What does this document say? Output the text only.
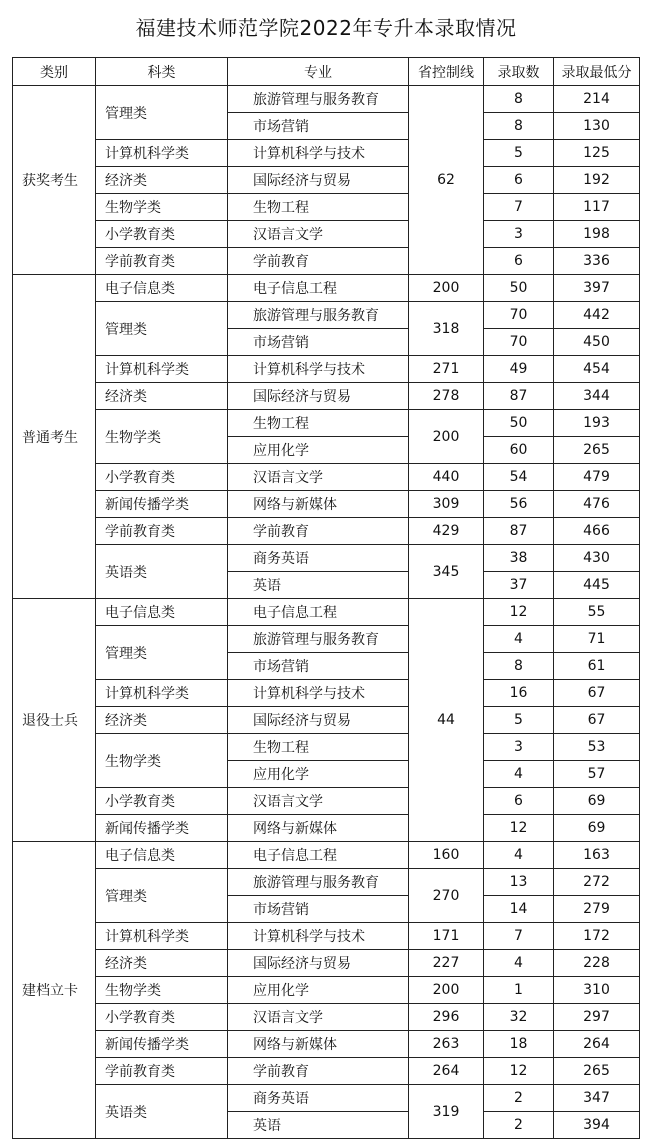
福建技术师范学院2022年专升本录取情况
类别	科类	专业	省控制线	录取数	录取最低分
获奖考生	管理类	旅游管理与服务教育	62	8	214
		市场营销		8	130
	计算机科学类	计算机科学与技术		5	125
	经济类	国际经济与贸易		6	192
	生物学类	生物工程		7	117
	小学教育类	汉语言文学		3	198
	学前教育类	学前教育		6	336
普通考生	电子信息类	电子信息工程	200	50	397
	管理类	旅游管理与服务教育	318	70	442
		市场营销		70	450
	计算机科学类	计算机科学与技术	271	49	454
	经济类	国际经济与贸易	278	87	344
	生物学类	生物工程	200	50	193
		应用化学		60	265
	小学教育类	汉语言文学	440	54	479
	新闻传播学类	网络与新媒体	309	56	476
	学前教育类	学前教育	429	87	466
	英语类	商务英语	345	38	430
		英语		37	445
退役士兵	电子信息类	电子信息工程	44	12	55
	管理类	旅游管理与服务教育		4	71
		市场营销		8	61
	计算机科学类	计算机科学与技术		16	67
	经济类	国际经济与贸易		5	67
	生物学类	生物工程		3	53
		应用化学		4	57
	小学教育类	汉语言文学		6	69
	新闻传播学类	网络与新媒体		12	69
建档立卡	电子信息类	电子信息工程	160	4	163
	管理类	旅游管理与服务教育	270	13	272
		市场营销		14	279
	计算机科学类	计算机科学与技术	171	7	172
	经济类	国际经济与贸易	227	4	228
	生物学类	应用化学	200	1	310
	小学教育类	汉语言文学	296	32	297
	新闻传播学类	网络与新媒体	263	18	264
	学前教育类	学前教育	264	12	265
	英语类	商务英语	319	2	347
		英语		2	394
